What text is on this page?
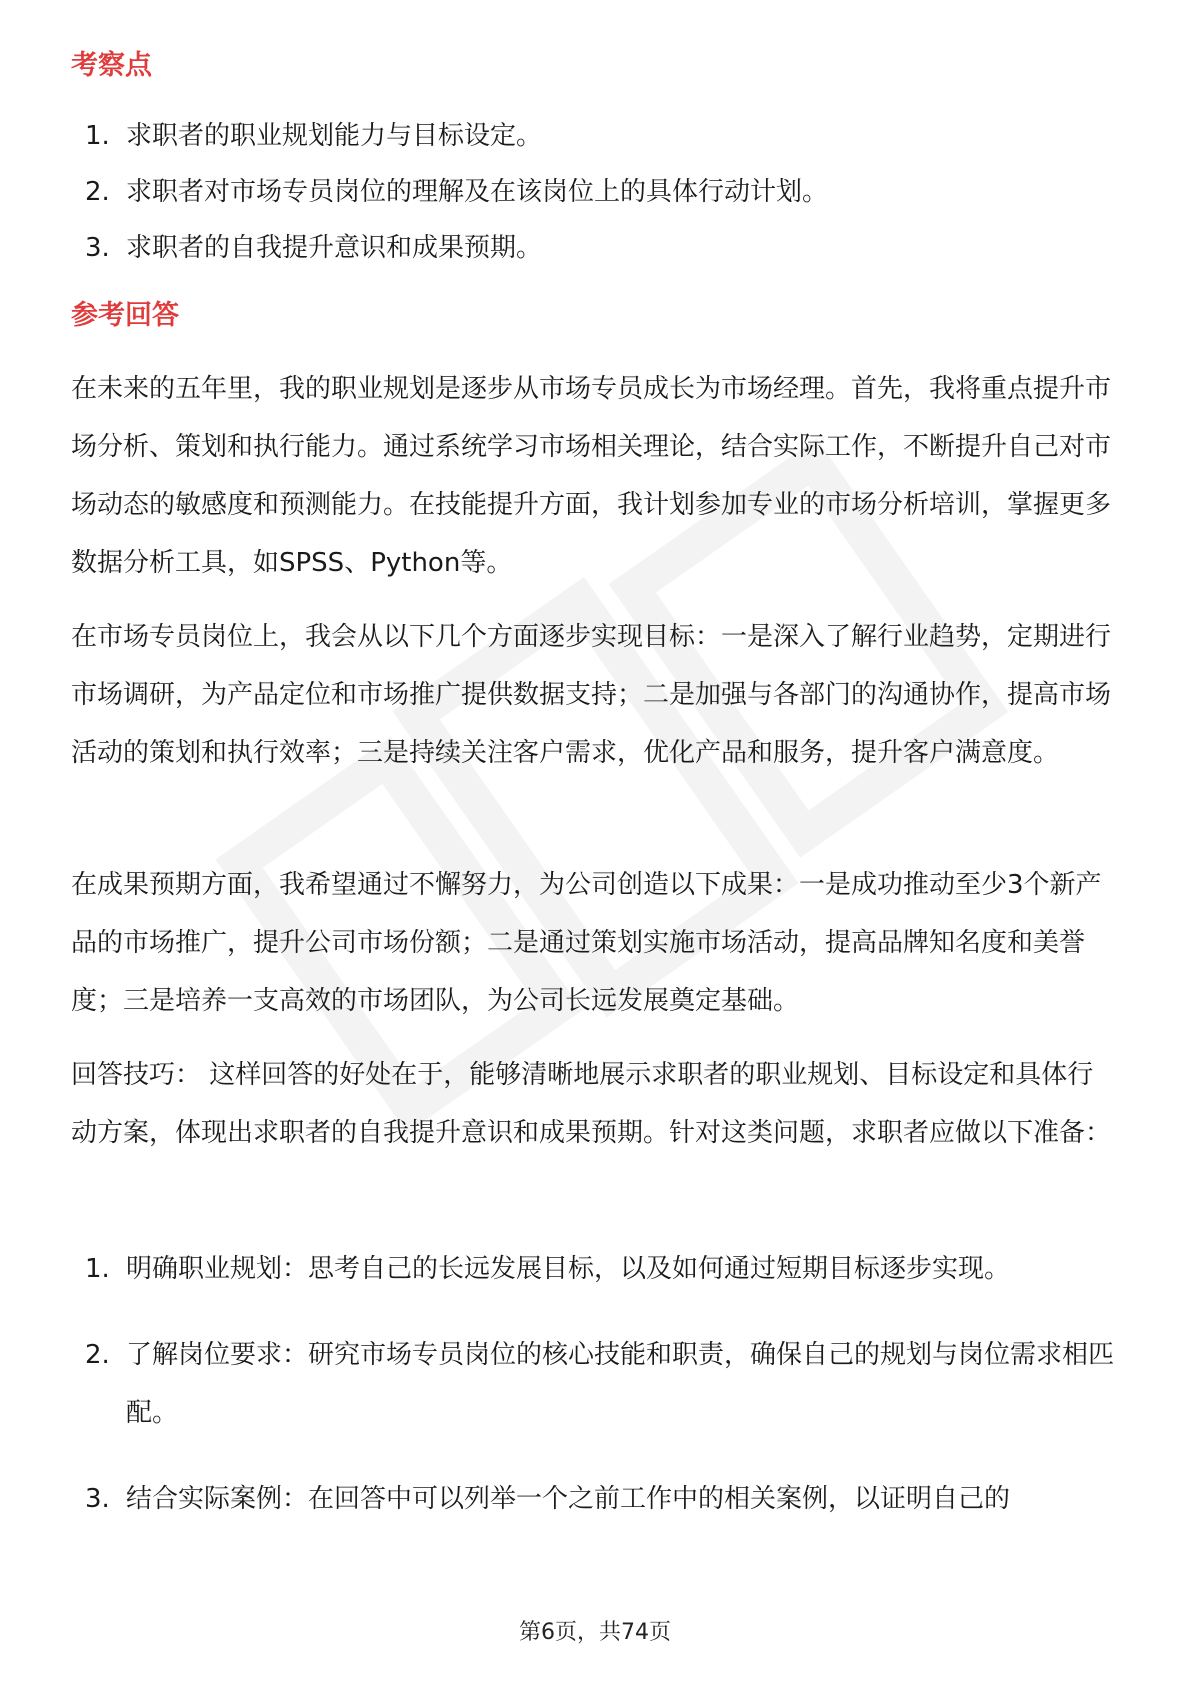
考察点
1. 求职者的职业规划能力与目标设定。
2. 求职者对市场专员岗位的理解及在该岗位上的具体行动计划。
3. 求职者的自我提升意识和成果预期。
参考回答

在未来的五年里，我的职业规划是逐步从市场专员成长为市场经理。首先，我将重点提升市场分析、策划和执行能力。通过系统学习市场相关理论，结合实际工作，不断提升自己对市场动态的敏感度和预测能力。在技能提升方面，我计划参加专业的市场分析培训，掌握更多数据分析工具，如SPSS、Python等。

在市场专员岗位上，我会从以下几个方面逐步实现目标：一是深入了解行业趋势，定期进行市场调研，为产品定位和市场推广提供数据支持；二是加强与各部门的沟通协作，提高市场活动的策划和执行效率；三是持续关注客户需求，优化产品和服务，提升客户满意度。

在成果预期方面，我希望通过不懈努力，为公司创造以下成果：一是成功推动至少3个新产品的市场推广，提升公司市场份额；二是通过策划实施市场活动，提高品牌知名度和美誉度；三是培养一支高效的市场团队，为公司长远发展奠定基础。

回答技巧： 这样回答的好处在于，能够清晰地展示求职者的职业规划、目标设定和具体行动方案，体现出求职者的自我提升意识和成果预期。针对这类问题，求职者应做以下准备：

1. 明确职业规划：思考自己的长远发展目标，以及如何通过短期目标逐步实现。
2. 了解岗位要求：研究市场专员岗位的核心技能和职责，确保自己的规划与岗位需求相匹配。
3. 结合实际案例：在回答中可以列举一个之前工作中的相关案例，以证明自己的
第6页，共74页
